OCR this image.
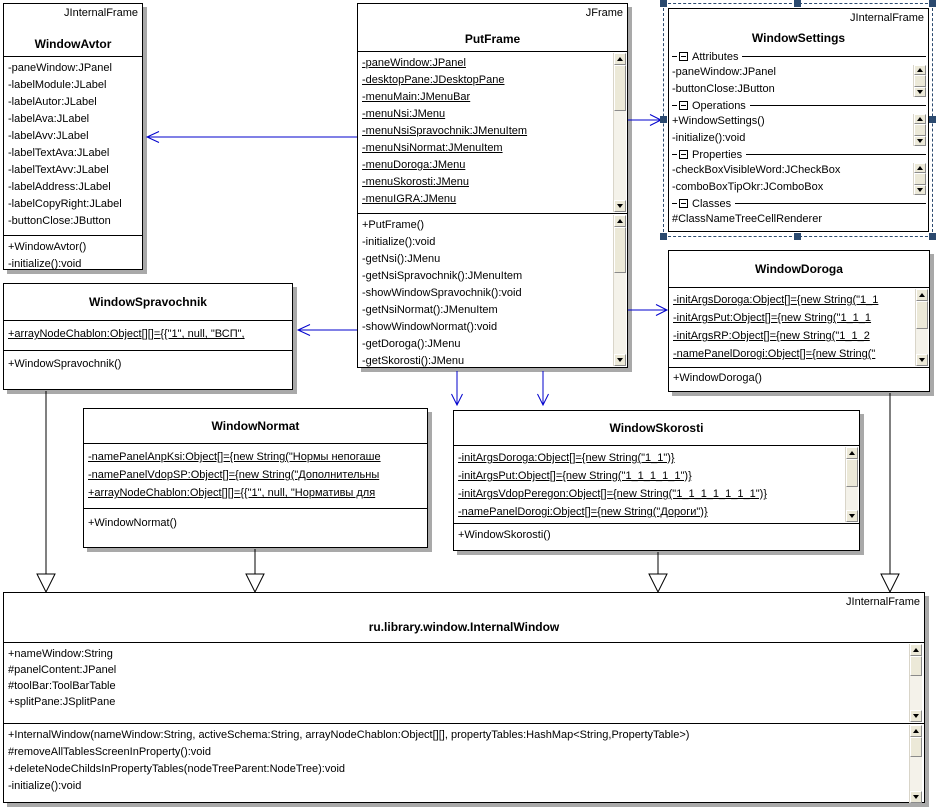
JInternalFrame
WindowAvtor
-paneWindow:JPanel
-labelModule:JLabel
-labelAutor:JLabel
-labelAva:JLabel
-labelAvv:JLabel
-labelTextAva:JLabel
-labelTextAvv:JLabel
-labelAddress:JLabel
-labelCopyRight:JLabel
-buttonClose:JButton
+WindowAvtor()
-initialize():void
JFrame
PutFrame
-paneWindow:JPanel
-desktopPane:JDesktopPane
-menuMain:JMenuBar
-menuNsi:JMenu
-menuNsiSpravochnik:JMenuItem
-menuNsiNormat:JMenuItem
-menuDoroga:JMenu
-menuSkorosti:JMenu
-menuIGRA:JMenu
+PutFrame()
-initialize():void
-getNsi():JMenu
-getNsiSpravochnik():JMenuItem
-showWindowSpravochnik():void
-getNsiNormat():JMenuItem
-showWindowNormat():void
-getDoroga():JMenu
-getSkorosti():JMenu
JInternalFrame
WindowSettings
Attributes
-paneWindow:JPanel
-buttonClose:JButton
Operations
+WindowSettings()
-initialize():void
Properties
-checkBoxVisibleWord:JCheckBox
-comboBoxTipOkr:JComboBox
Classes
#ClassNameTreeCellRenderer
WindowDoroga
-initArgsDoroga:Object[]={new String("1_1
-initArgsPut:Object[]={new String("1_1_1
-initArgsRP:Object[]={new String("1_1_2
-namePanelDorogi:Object[]={new String("
+WindowDoroga()
WindowSpravochnik
+arrayNodeChablon:Object[][]={{"1", null, "ВСП",
+WindowSpravochnik()
WindowNormat
-namePanelAnpKsi:Object[]={new String("Нормы непогаше
-namePanelVdopSP:Object[]={new String("Дополнительны
+arrayNodeChablon:Object[][]={{"1", null, "Нормативы для
+WindowNormat()
WindowSkorosti
-initArgsDoroga:Object[]={new String("1_1")}
-initArgsPut:Object[]={new String("1_1_1_1_1")}
-initArgsVdopPeregon:Object[]={new String("1_1_1_1_1_1_1")}
-namePanelDorogi:Object[]={new String("Дороги")}
+WindowSkorosti()
JInternalFrame
ru.library.window.InternalWindow
+nameWindow:String
#panelContent:JPanel
#toolBar:ToolBarTable
+splitPane:JSplitPane
+InternalWindow(nameWindow:String, activeSchema:String, arrayNodeChablon:Object[][], propertyTables:HashMap<String,PropertyTable>)
#removeAllTablesScreenInProperty():void
+deleteNodeChildsInPropertyTables(nodeTreeParent:NodeTree):void
-initialize():void
